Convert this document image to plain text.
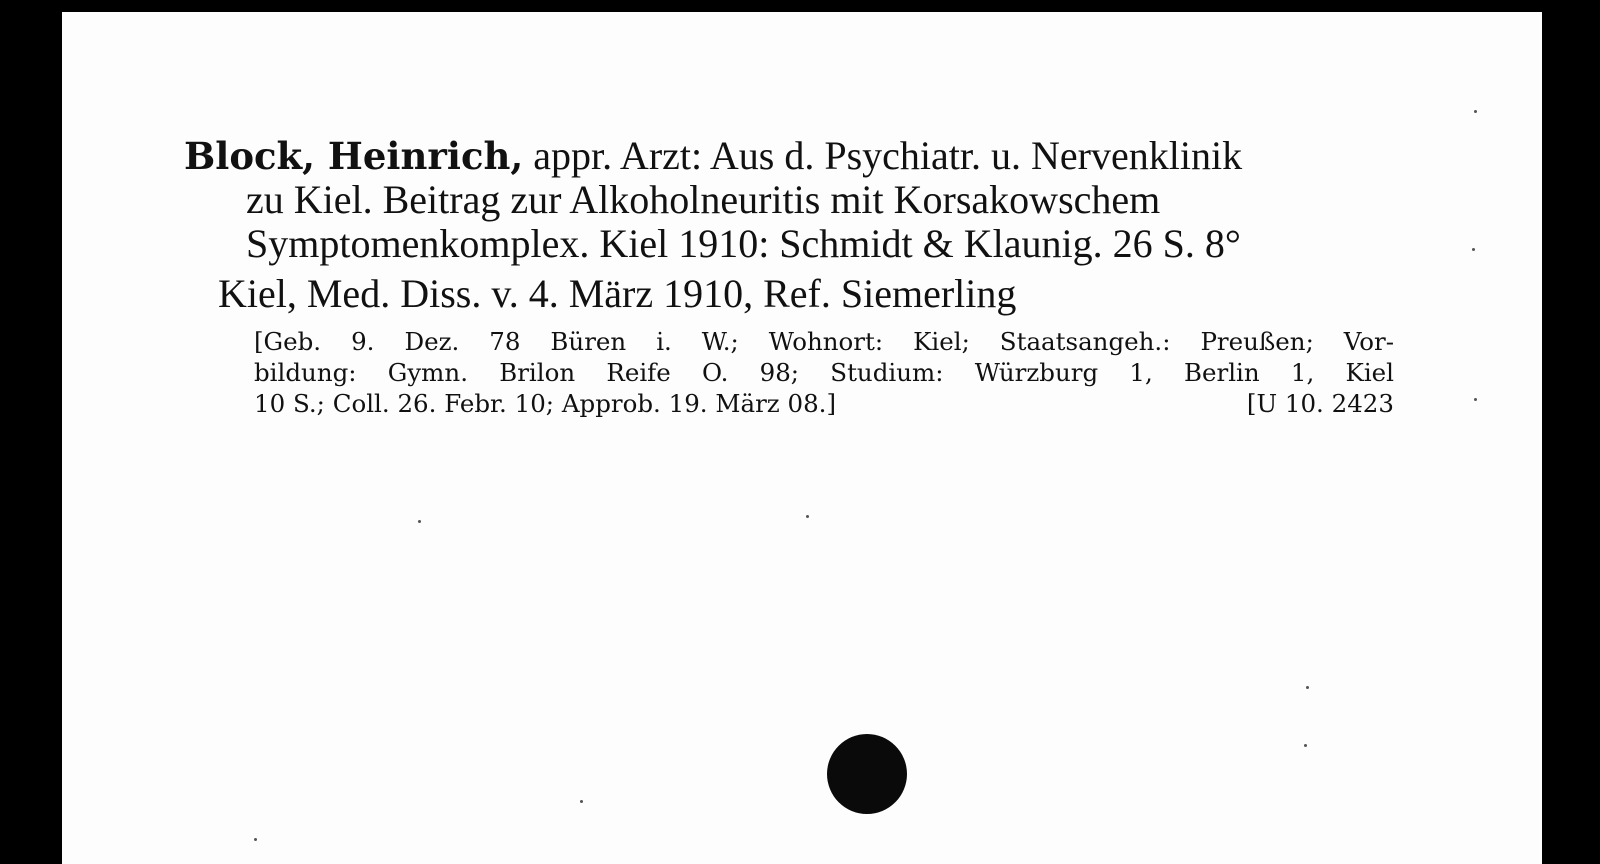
Block, Heinrich, appr. Arzt: Aus d. Psychiatr. u. Nervenklinik
zu Kiel. Beitrag zur Alkoholneuritis mit Korsakowschem
Symptomenkomplex. Kiel 1910: Schmidt & Klaunig. 26 S. 8°
Kiel, Med. Diss. v. 4. März 1910, Ref. Siemerling
[Geb. 9. Dez. 78 Büren i. W.; Wohnort: Kiel; Staatsangeh.: Preußen; Vor-
bildung: Gymn. Brilon Reife O. 98; Studium: Würzburg 1, Berlin 1, Kiel
10 S.; Coll. 26. Febr. 10; Approb. 19. März 08.]	[U 10. 2423
